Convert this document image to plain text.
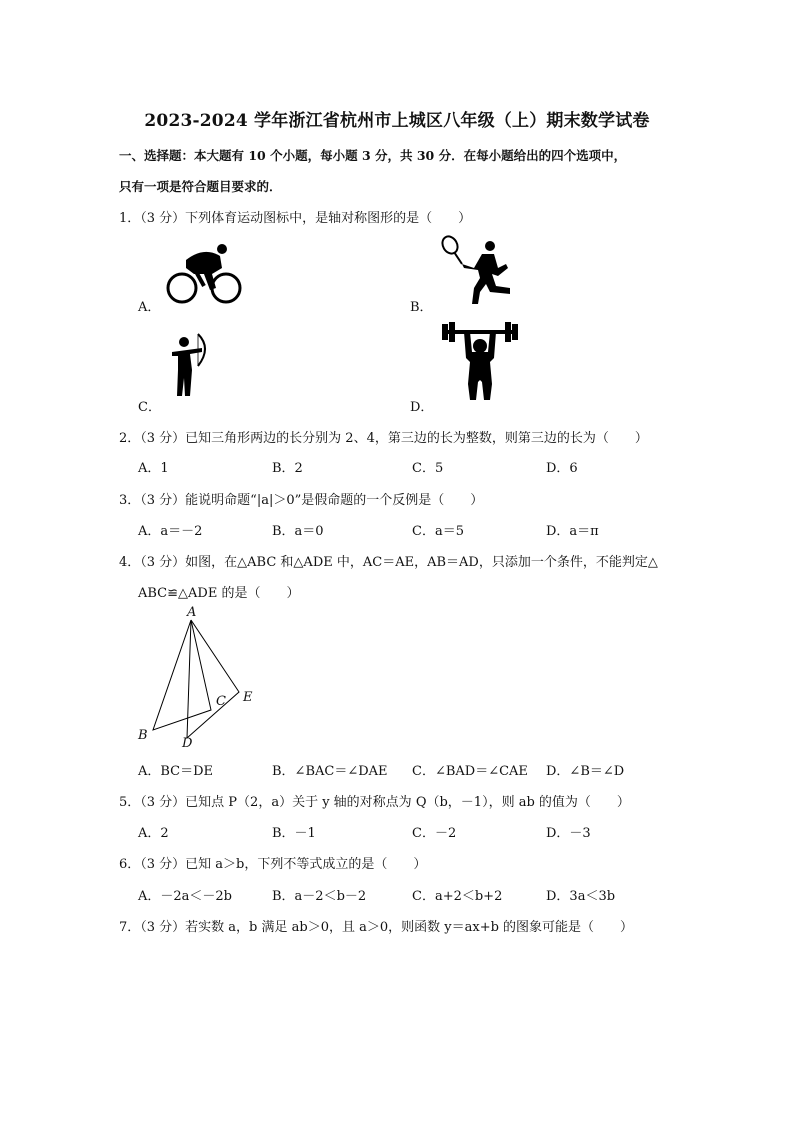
2023-2024 学年浙江省杭州市上城区八年级（上）期末数学试卷
一、选择题：本大题有 10 个小题，每小题 3 分，共 30 分．在每小题给出的四个选项中，
只有一项是符合题目要求的．
1．（3 分）下列体育运动图标中，是轴对称图形的是（　　）
A．	B．
C．	D．
2．（3 分）已知三角形两边的长分别为 2、4，第三边的长为整数，则第三边的长为（　　）
A．1	B．2	C．5	D．6
3．（3 分）能说明命题“|a|＞0”是假命题的一个反例是（　　）
A．a＝－2	B．a＝0	C．a＝5	D．a＝π
4．（3 分）如图，在△ABC 和△ADE 中，AC＝AE，AB＝AD，只添加一个条件，不能判定△
ABC≌△ADE 的是（　　）
A
B
C
D
E
A．BC＝DE	B．∠BAC＝∠DAE C．∠BAD＝∠CAE D．∠B＝∠D
5．（3 分）已知点 P（2，a）关于 y 轴的对称点为 Q（b，－1），则 ab 的值为（　　）
A．2	B．－1	C．－2	D．－3
6．（3 分）已知 a＞b，下列不等式成立的是（　　）
A．－2a＜－2b	B．a－2＜b－2	C．a+2＜b+2	D．3a＜3b
7．（3 分）若实数 a，b 满足 ab＞0，且 a＞0，则函数 y＝ax+b 的图象可能是（　　）
